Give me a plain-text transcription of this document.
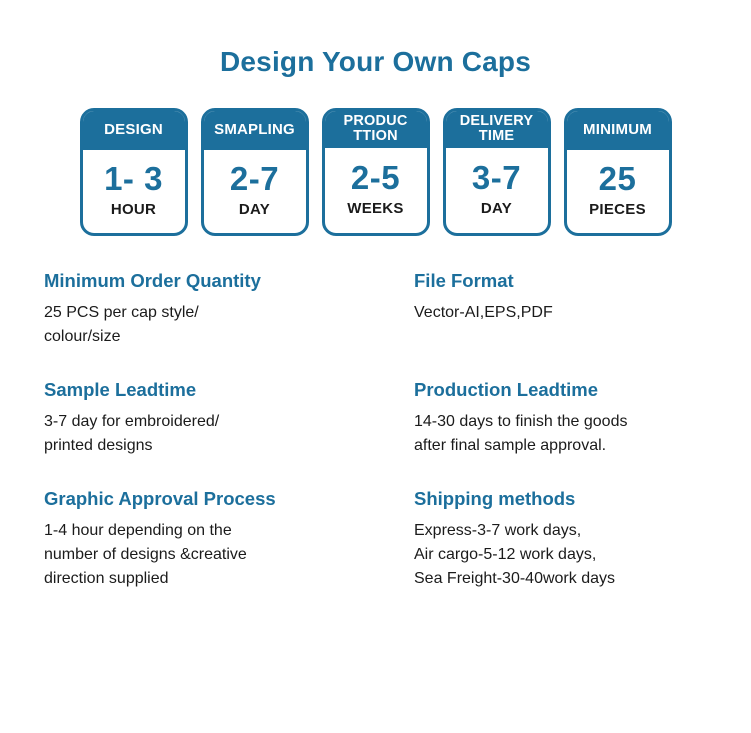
Design Your Own Caps
DESIGN
1- 3
HOUR
SMAPLING
2-7
DAY
PRODUC TTION
2-5
WEEKS
DELIVERY TIME
3-7
DAY
MINIMUM
25
PIECES
Minimum Order Quantity
25 PCS per cap style/
colour/size
File Format
Vector-AI,EPS,PDF
Sample Leadtime
3-7 day for embroidered/
printed designs
Production Leadtime
14-30 days to finish the goods
after final sample approval.
Graphic Approval Process
1-4 hour depending on the
number of designs &creative
direction supplied
Shipping methods
Express-3-7 work days,
Air cargo-5-12 work days,
Sea Freight-30-40work days
